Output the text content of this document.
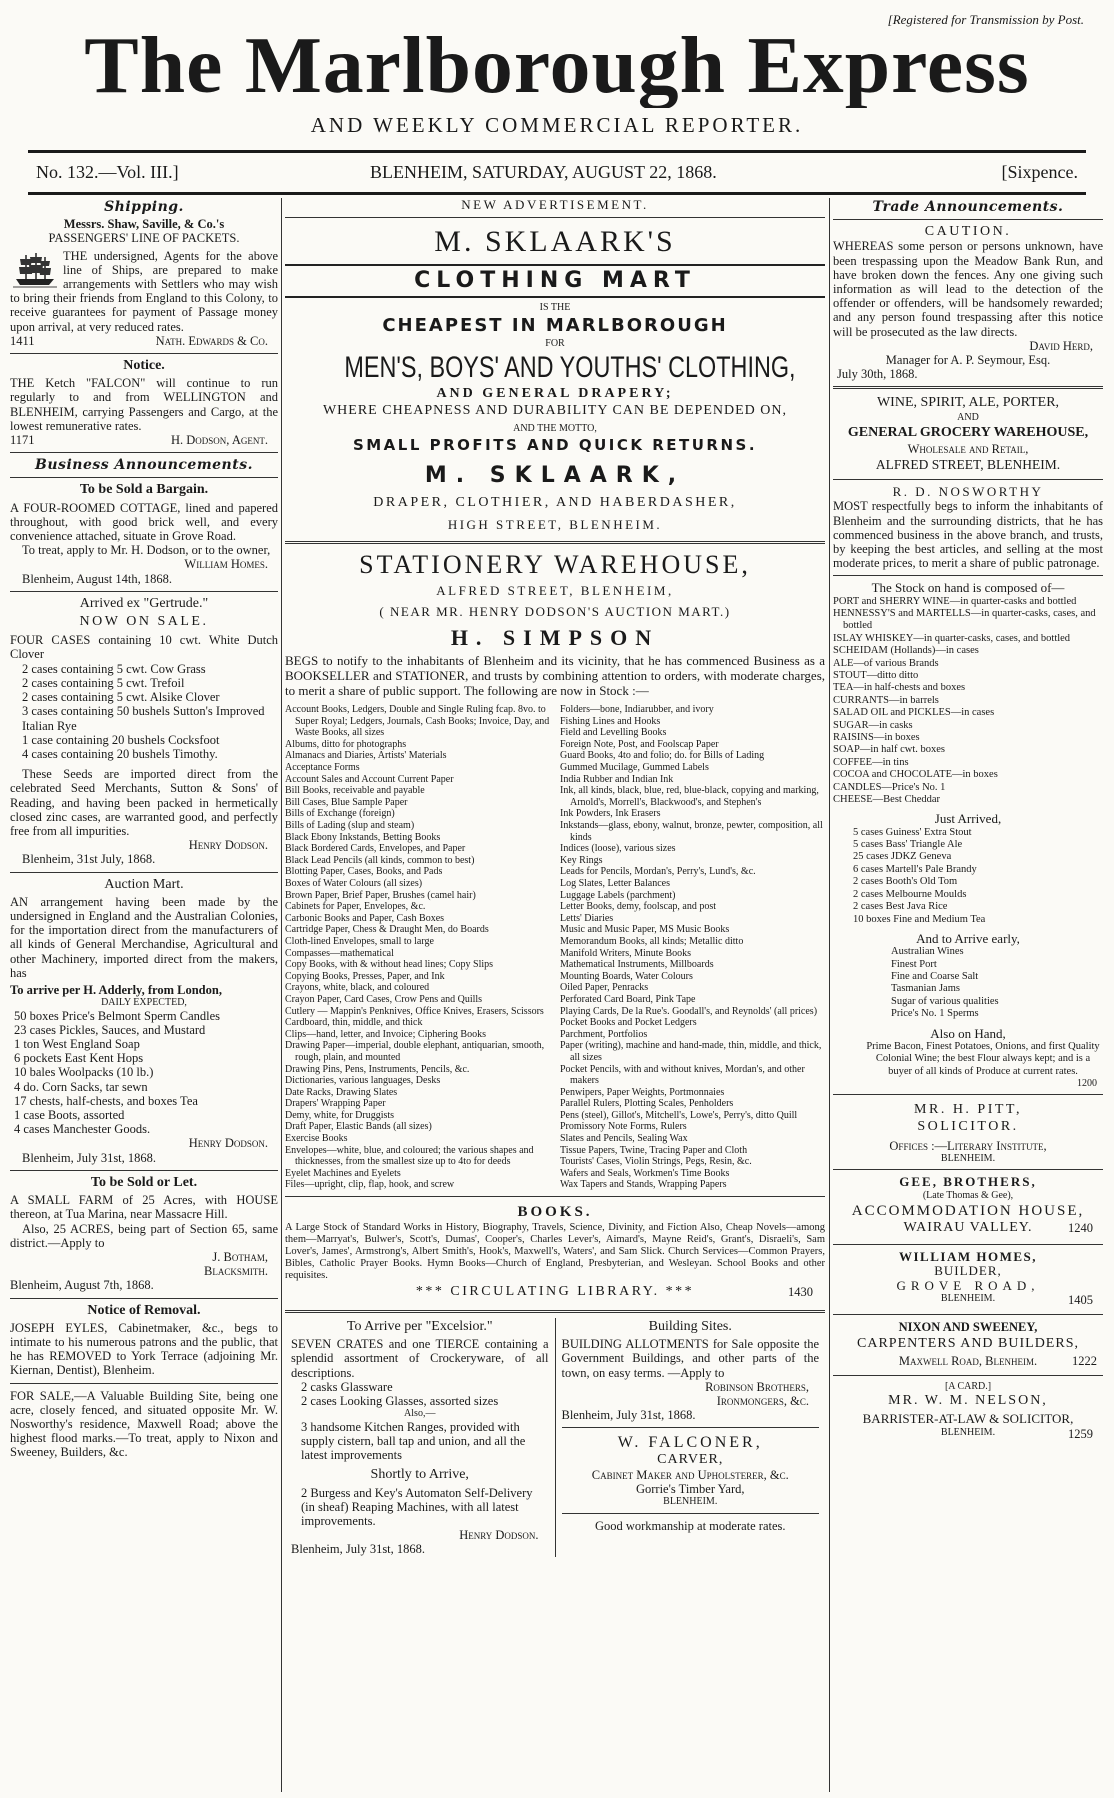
[Registered for Transmission by Post.
The Marlborough Express
AND WEEKLY COMMERCIAL REPORTER.
No. 132.—Vol. III.]	BLENHEIM, SATURDAY, AUGUST 22, 1868.	[Sixpence.
Shipping.
Messrs. Shaw, Saville, & Co.'s
PASSENGERS' LINE OF PACKETS.
THE undersigned, Agents for the above line of Ships, are prepared to make arrangements with Settlers who may wish to bring their friends from England to this Colony, to receive guarantees for payment of Passage money upon arrival, at very reduced rates.
1411	Nath. Edwards & Co.
Notice.
THE Ketch "FALCON" will continue to run regularly to and from WELLINGTON and BLENHEIM, carrying Passengers and Cargo, at the lowest remunerative rates.
1171	H. Dodson, Agent.
Business Announcements.
To be Sold a Bargain.
A FOUR-ROOMED COTTAGE, lined and papered throughout, with good brick well, and every convenience attached, situate in Grove Road.
To treat, apply to Mr. H. Dodson, or to the owner,
William Homes.
Blenheim, August 14th, 1868.
Arrived ex "Gertrude."
NOW ON SALE.
FOUR CASES containing 10 cwt. White Dutch Clover

2 cases containing 5 cwt. Cow Grass

2 cases containing 5 cwt. Trefoil

2 cases containing 5 cwt. Alsike Clover

3 cases containing 50 bushels Sutton's Improved Italian Rye

1 case containing 20 bushels Cocksfoot

4 cases containing 20 bushels Timothy.

These Seeds are imported direct from the celebrated Seed Merchants, Sutton & Sons' of Reading, and having been packed in hermetically closed zinc cases, are warranted good, and perfectly free from all impurities.
Henry Dodson.
Blenheim, 31st July, 1868.
Auction Mart.
AN arrangement having been made by the undersigned in England and the Australian Colonies, for the importation direct from the manufacturers of all kinds of General Merchandise, Agricultural and other Machinery, imported direct from the makers, has
To arrive per H. Adderly, from London,
DAILY EXPECTED,

50 boxes Price's Belmont Sperm Candles

23 cases Pickles, Sauces, and Mustard

1 ton West England Soap

6 pockets East Kent Hops

10 bales Woolpacks (10 lb.)

4 do. Corn Sacks, tar sewn

17 chests, half-chests, and boxes Tea

1 case Boots, assorted

4 cases Manchester Goods.

Henry Dodson.
Blenheim, July 31st, 1868.
To be Sold or Let.
A SMALL FARM of 25 Acres, with HOUSE thereon, at Tua Marina, near Massacre Hill.
Also, 25 ACRES, being part of Section 65, same district.—Apply to
J. Botham,
Blacksmith.
Blenheim, August 7th, 1868.
Notice of Removal.
JOSEPH EYLES, Cabinetmaker, &c., begs to intimate to his numerous patrons and the public, that he has REMOVED to York Terrace (adjoining Mr. Kiernan, Dentist), Blenheim.
FOR SALE,—A Valuable Building Site, being one acre, closely fenced, and situated opposite Mr. W. Nosworthy's residence, Maxwell Road; above the highest flood marks.—To treat, apply to Nixon and Sweeney, Builders, &c.
NEW ADVERTISEMENT.
M. SKLAARK'S
CLOTHING MART
IS THE
CHEAPEST IN MARLBOROUGH
FOR
MEN'S, BOYS' AND YOUTHS' CLOTHING,
AND GENERAL DRAPERY;
WHERE CHEAPNESS AND DURABILITY CAN BE DEPENDED ON,
AND THE MOTTO,
SMALL PROFITS AND QUICK RETURNS.
M. SKLAARK,
DRAPER, CLOTHIER, AND HABERDASHER,
HIGH STREET, BLENHEIM.
STATIONERY WAREHOUSE,
ALFRED STREET, BLENHEIM,
( NEAR MR. HENRY DODSON'S AUCTION MART.)
H. SIMPSON
BEGS to notify to the inhabitants of Blenheim and its vicinity, that he has commenced Business as a BOOKSELLER and STATIONER, and trusts by combining attention to orders, with moderate charges, to merit a share of public support. The following are now in Stock :—

Account Books, Ledgers, Double and Single Ruling fcap. 8vo. to Super Royal; Ledgers, Journals, Cash Books; Invoice, Day, and Waste Books, all sizes

Albums, ditto for photographs

Almanacs and Diaries, Artists' Materials

Acceptance Forms

Account Sales and Account Current Paper

Bill Books, receivable and payable

Bill Cases, Blue Sample Paper

Bills of Exchange (foreign)

Bills of Lading (slup and steam)

Black Ebony Inkstands, Betting Books

Black Bordered Cards, Envelopes, and Paper

Black Lead Pencils (all kinds, common to best)

Blotting Paper, Cases, Books, and Pads

Boxes of Water Colours (all sizes)

Brown Paper, Brief Paper, Brushes (camel hair)

Cabinets for Paper, Envelopes, &c.

Carbonic Books and Paper, Cash Boxes

Cartridge Paper, Chess & Draught Men, do Boards

Cloth-lined Envelopes, small to large

Compasses—mathematical

Copy Books, with & without head lines; Copy Slips

Copying Books, Presses, Paper, and Ink

Crayons, white, black, and coloured

Crayon Paper, Card Cases, Crow Pens and Quills

Cutlery — Mappin's Penknives, Office Knives, Erasers, Scissors

Cardboard, thin, middle, and thick

Clips—hand, letter, and Invoice; Ciphering Books

Drawing Paper—imperial, double elephant, antiquarian, smooth, rough, plain, and mounted

Drawing Pins, Pens, Instruments, Pencils, &c.

Dictionaries, various languages, Desks

Date Racks, Drawing Slates

Drapers' Wrapping Paper

Demy, white, for Druggists

Draft Paper, Elastic Bands (all sizes)

Exercise Books

Envelopes—white, blue, and coloured; the various shapes and thicknesses, from the smallest size up to 4to for deeds

Eyelet Machines and Eyelets

Files—upright, clip, flap, hook, and screw

Folders—bone, Indiarubber, and ivory

Fishing Lines and Hooks

Field and Levelling Books

Foreign Note, Post, and Foolscap Paper

Guard Books, 4to and folio; do. for Bills of Lading

Gummed Mucilage, Gummed Labels

India Rubber and Indian Ink

Ink, all kinds, black, blue, red, blue-black, copying and marking, Arnold's, Morrell's, Blackwood's, and Stephen's

Ink Powders, Ink Erasers

Inkstands—glass, ebony, walnut, bronze, pewter, composition, all kinds

Indices (loose), various sizes

Key Rings

Leads for Pencils, Mordan's, Perry's, Lund's, &c.

Log Slates, Letter Balances

Luggage Labels (parchment)

Letter Books, demy, foolscap, and post

Letts' Diaries

Music and Music Paper, MS Music Books

Memorandum Books, all kinds; Metallic ditto

Manifold Writers, Minute Books

Mathematical Instruments, Millboards

Mounting Boards, Water Colours

Oiled Paper, Penracks

Perforated Card Board, Pink Tape

Playing Cards, De la Rue's. Goodall's, and Reynolds' (all prices)

Pocket Books and Pocket Ledgers

Parchment, Portfolios

Paper (writing), machine and hand-made, thin, middle, and thick, all sizes

Pocket Pencils, with and without knives, Mordan's, and other makers

Penwipers, Paper Weights, Portmonnaies

Parallel Rulers, Plotting Scales, Penholders

Pens (steel), Gillot's, Mitchell's, Lowe's, Perry's, ditto Quill

Promissory Note Forms, Rulers

Slates and Pencils, Sealing Wax

Tissue Papers, Twine, Tracing Paper and Cloth

Tourists' Cases, Violin Strings, Pegs, Resin, &c.

Wafers and Seals, Workmen's Time Books

Wax Tapers and Stands, Wrapping Papers

BOOKS.
A Large Stock of Standard Works in History, Biography, Travels, Science, Divinity, and Fiction Also, Cheap Novels—among them—Marryat's, Bulwer's, Scott's, Dumas', Cooper's, Charles Lever's, Aimard's, Mayne Reid's, Grant's, Disraeli's, Sam Lover's, James', Armstrong's, Albert Smith's, Hook's, Maxwell's, Waters', and Sam Slick. Church Services—Common Prayers, Bibles, Catholic Prayer Books. Hymn Books—Church of England, Presbyterian, and Wesleyan. School Books and other requisites.
*** CIRCULATING LIBRARY. ***	1430
To Arrive per "Excelsior."
SEVEN CRATES and one TIERCE containing a splendid assortment of Crockeryware, of all descriptions.

2 casks Glassware

2 cases Looking Glasses, assorted sizes

Also,—
3 handsome Kitchen Ranges, provided with supply cistern, ball tap and union, and all the latest improvements
Shortly to Arrive,
2 Burgess and Key's Automaton Self-Delivery (in sheaf) Reaping Machines, with all latest improvements.
Henry Dodson.
Blenheim, July 31st, 1868.
Building Sites.
BUILDING ALLOTMENTS for Sale opposite the Government Buildings, and other parts of the town, on easy terms. —Apply to
Robinson Brothers,
Ironmongers, &c.
Blenheim, July 31st, 1868.
W. FALCONER,
CARVER,
Cabinet Maker and Upholsterer, &c.
Gorrie's Timber Yard,
BLENHEIM.
Good workmanship at moderate rates.
Trade Announcements.
CAUTION.
WHEREAS some person or persons unknown, have been trespassing upon the Meadow Bank Run, and have broken down the fences. Any one giving such information as will lead to the detection of the offender or offenders, will be handsomely rewarded; and any person found trespassing after this notice will be prosecuted as the law directs.
David Herd,
Manager for A. P. Seymour, Esq.
July 30th, 1868.
WINE, SPIRIT, ALE, PORTER,
AND
GENERAL GROCERY WAREHOUSE,
Wholesale and Retail,
ALFRED STREET, BLENHEIM.
R. D. NOSWORTHY
MOST respectfully begs to inform the inhabitants of Blenheim and the surrounding districts, that he has commenced business in the above branch, and trusts, by keeping the best articles, and selling at the most moderate prices, to merit a share of public patronage.
The Stock on hand is composed of—

PORT and SHERRY WINE—in quarter-casks and bottled

HENNESSY'S and MARTELLS—in quarter-casks, cases, and bottled

ISLAY WHISKEY—in quarter-casks, cases, and bottled

SCHEIDAM (Hollands)—in cases

ALE—of various Brands

STOUT—ditto ditto

TEA—in half-chests and boxes

CURRANTS—in barrels

SALAD OIL and PICKLES—in cases

SUGAR—in casks

RAISINS—in boxes

SOAP—in half cwt. boxes

COFFEE—in tins

COCOA and CHOCOLATE—in boxes

CANDLES—Price's No. 1

CHEESE—Best Cheddar

Just Arrived,

5 cases Guiness' Extra Stout

5 cases Bass' Triangle Ale

25 cases JDKZ Geneva

6 cases Martell's Pale Brandy

2 cases Booth's Old Tom

2 cases Melbourne Moulds

2 cases Best Java Rice

10 boxes Fine and Medium Tea

And to Arrive early,

Australian Wines

Finest Port

Fine and Coarse Salt

Tasmanian Jams

Sugar of various qualities

Price's No. 1 Sperms

Also on Hand,
Prime Bacon, Finest Potatoes, Onions, and first Quality Colonial Wine; the best Flour always kept; and is a buyer of all kinds of Produce at current rates.
1200
MR. H. PITT,
SOLICITOR.
Offices :—Literary Institute,
BLENHEIM.
GEE, BROTHERS,
(Late Thomas & Gee),
ACCOMMODATION HOUSE,
WAIRAU VALLEY.	1240
WILLIAM HOMES,
BUILDER,
GROVE ROAD,
BLENHEIM.	1405
NIXON AND SWEENEY,
CARPENTERS AND BUILDERS,
Maxwell Road, Blenheim.	1222
[A CARD.]
MR. W. M. NELSON,
BARRISTER-AT-LAW & SOLICITOR,
BLENHEIM.	1259
